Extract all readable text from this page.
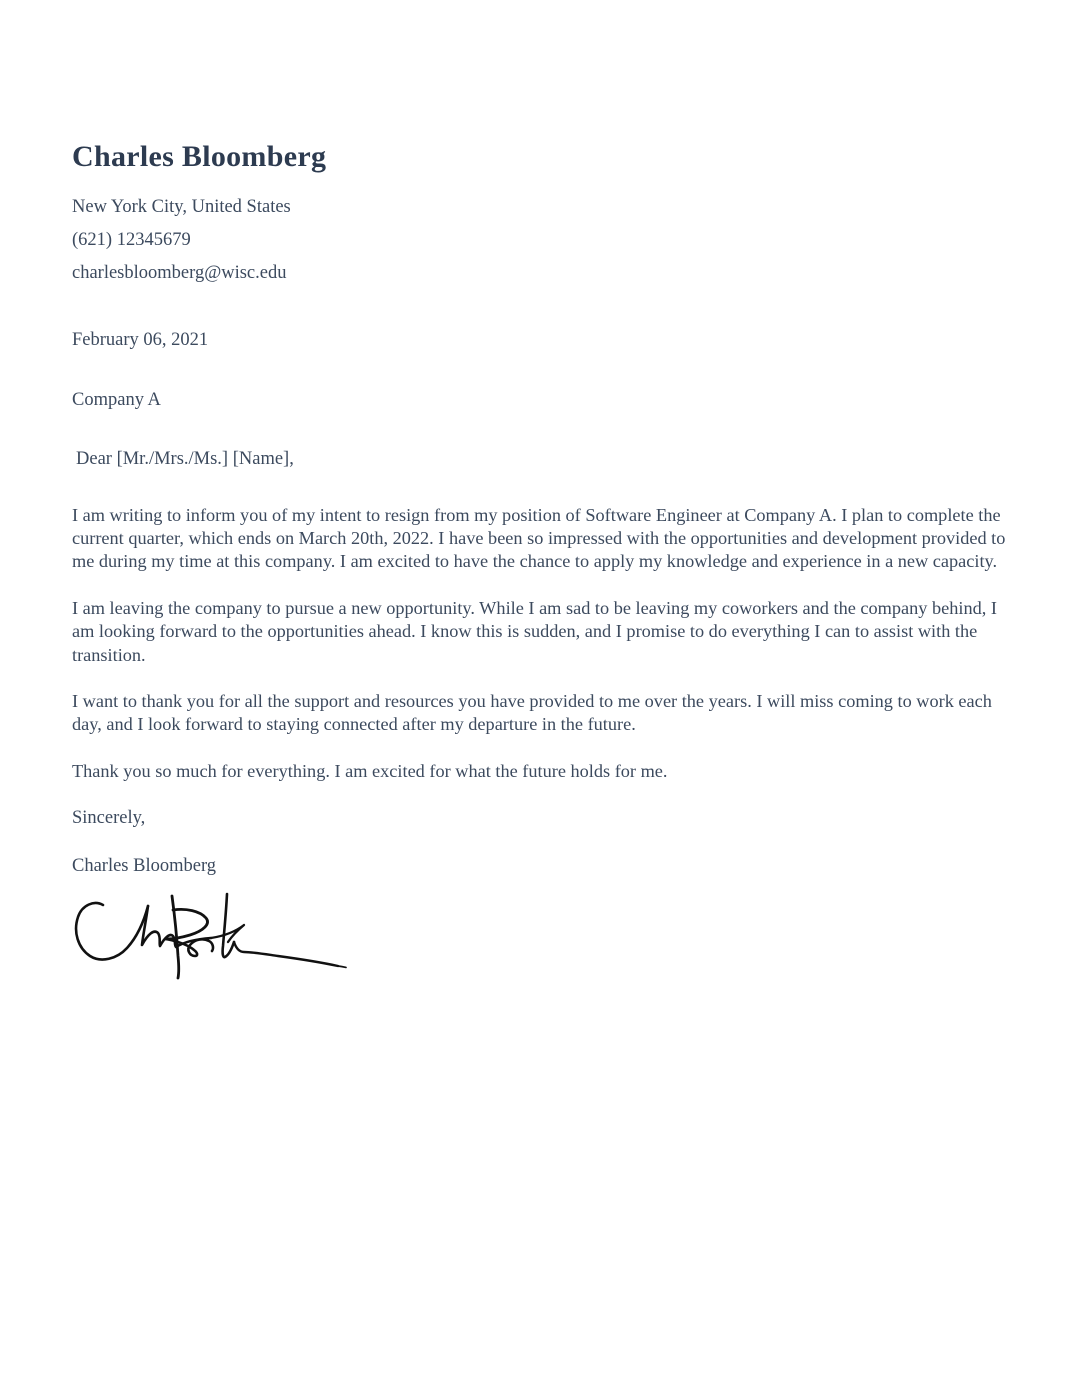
Charles Bloomberg
New York City, United States
(621) 12345679
charlesbloomberg@wisc.edu
February 06, 2021
Company A
Dear [Mr./Mrs./Ms.] [Name],

I am writing to inform you of my intent to resign from my position of Software Engineer at Company A. I plan to complete the current quarter, which ends on March 20th, 2022. I have been so impressed with the opportunities and development provided to me during my time at this company. I am excited to have the chance to apply my knowledge and experience in a new capacity.

I am leaving the company to pursue a new opportunity. While I am sad to be leaving my coworkers and the company behind, I am looking forward to the opportunities ahead. I know this is sudden, and I promise to do everything I can to assist with the transition.

I want to thank you for all the support and resources you have provided to me over the years. I will miss coming to work each day, and I look forward to staying connected after my departure in the future.

Thank you so much for everything. I am excited for what the future holds for me.

Sincerely,
Charles Bloomberg
